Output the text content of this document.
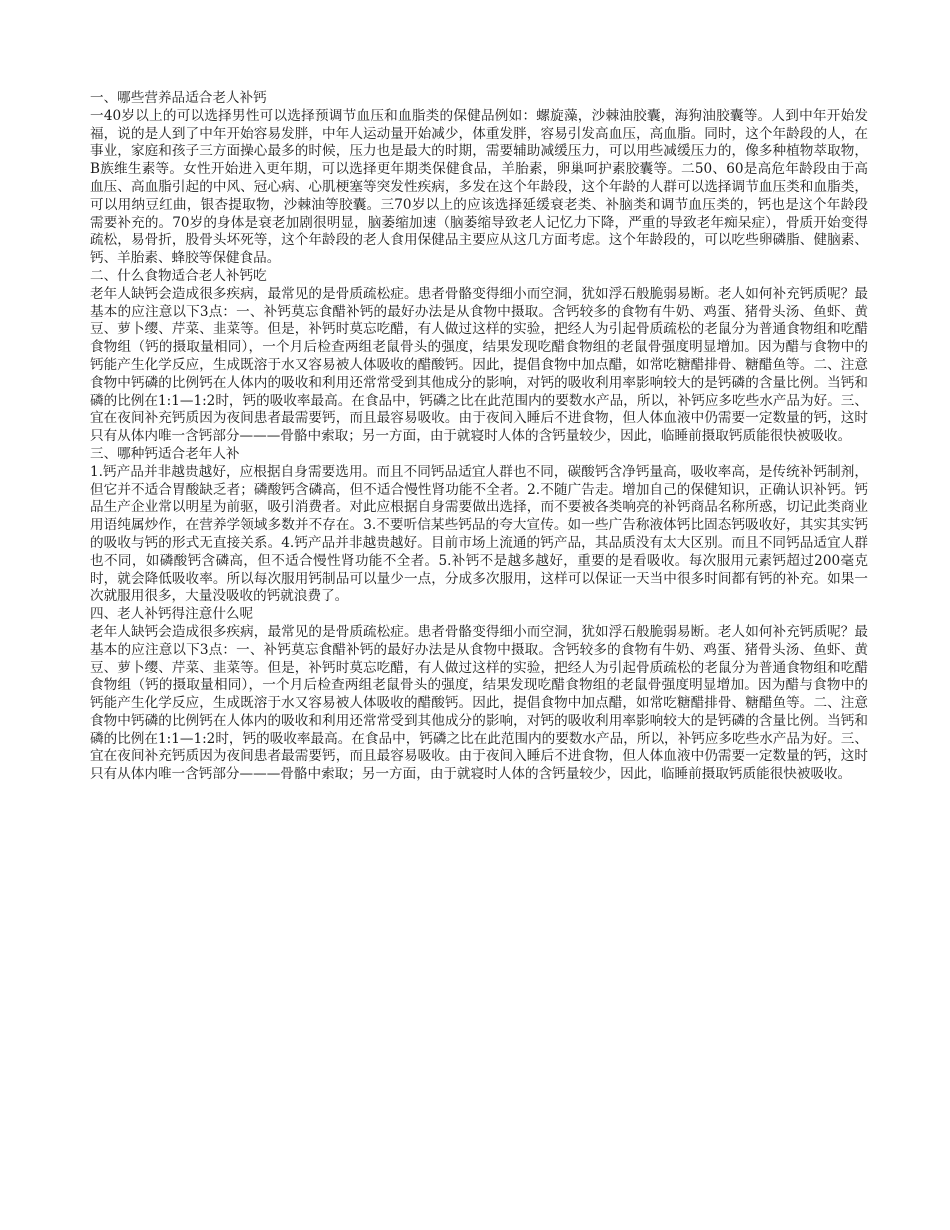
一、哪些营养品适合老人补钙

一40岁以上的可以选择男性可以选择预调节血压和血脂类的保健品例如：螺旋藻，沙棘油胶囊，海狗油胶囊等。人到中年开始发福，说的是人到了中年开始容易发胖，中年人运动量开始减少，体重发胖，容易引发高血压，高血脂。同时，这个年龄段的人，在事业，家庭和孩子三方面操心最多的时候，压力也是最大的时期，需要辅助减缓压力，可以用些减缓压力的，像多种植物萃取物，B族维生素等。女性开始进入更年期，可以选择更年期类保健食品，羊胎素，卵巢呵护素胶囊等。二50、60是高危年龄段由于高血压、高血脂引起的中风、冠心病、心肌梗塞等突发性疾病，多发在这个年龄段，这个年龄的人群可以选择调节血压类和血脂类，可以用纳豆红曲，银杏提取物，沙棘油等胶囊。三70岁以上的应该选择延缓衰老类、补脑类和调节血压类的，钙也是这个年龄段需要补充的。70岁的身体是衰老加剧很明显，脑萎缩加速（脑萎缩导致老人记忆力下降，严重的导致老年痴呆症），骨质开始变得疏松，易骨折，股骨头坏死等，这个年龄段的老人食用保健品主要应从这几方面考虑。这个年龄段的，可以吃些卵磷脂、健脑素、钙、羊胎素、蜂胶等保健食品。

二、什么食物适合老人补钙吃

老年人缺钙会造成很多疾病，最常见的是骨质疏松症。患者骨骼变得细小而空洞，犹如浮石般脆弱易断。老人如何补充钙质呢？最基本的应注意以下3点：一、补钙莫忘食醋补钙的最好办法是从食物中摄取。含钙较多的食物有牛奶、鸡蛋、猪骨头汤、鱼虾、黄豆、萝卜缨、芹菜、韭菜等。但是，补钙时莫忘吃醋，有人做过这样的实验，把经人为引起骨质疏松的老鼠分为普通食物组和吃醋食物组（钙的摄取量相同），一个月后检查两组老鼠骨头的强度，结果发现吃醋食物组的老鼠骨强度明显增加。因为醋与食物中的钙能产生化学反应，生成既溶于水又容易被人体吸收的醋酸钙。因此，提倡食物中加点醋，如常吃糖醋排骨、糖醋鱼等。二、注意食物中钙磷的比例钙在人体内的吸收和利用还常常受到其他成分的影响，对钙的吸收利用率影响较大的是钙磷的含量比例。当钙和磷的比例在1:1—1:2时，钙的吸收率最高。在食品中，钙磷之比在此范围内的要数水产品，所以，补钙应多吃些水产品为好。三、宜在夜间补充钙质因为夜间患者最需要钙，而且最容易吸收。由于夜间入睡后不进食物，但人体血液中仍需要一定数量的钙，这时只有从体内唯一含钙部分———骨骼中索取；另一方面，由于就寝时人体的含钙量较少，因此，临睡前摄取钙质能很快被吸收。

三、哪种钙适合老年人补

1.钙产品并非越贵越好，应根据自身需要选用。而且不同钙品适宜人群也不同，碳酸钙含净钙量高，吸收率高，是传统补钙制剂，但它并不适合胃酸缺乏者；磷酸钙含磷高，但不适合慢性肾功能不全者。2.不随广告走。增加自己的保健知识，正确认识补钙。钙品生产企业常以明星为前驱，吸引消费者。对此应根据自身需要做出选择，而不要被各类响亮的补钙商品名称所惑，切记此类商业用语纯属炒作，在营养学领域多数并不存在。3.不要听信某些钙品的夸大宣传。如一些广告称液体钙比固态钙吸收好，其实其实钙的吸收与钙的形式无直接关系。4.钙产品并非越贵越好。目前市场上流通的钙产品，其品质没有太大区别。而且不同钙品适宜人群也不同，如磷酸钙含磷高，但不适合慢性肾功能不全者。5.补钙不是越多越好，重要的是看吸收。每次服用元素钙超过200毫克时，就会降低吸收率。所以每次服用钙制品可以量少一点，分成多次服用，这样可以保证一天当中很多时间都有钙的补充。如果一次就服用很多，大量没吸收的钙就浪费了。

四、老人补钙得注意什么呢

老年人缺钙会造成很多疾病，最常见的是骨质疏松症。患者骨骼变得细小而空洞，犹如浮石般脆弱易断。老人如何补充钙质呢？最基本的应注意以下3点：一、补钙莫忘食醋补钙的最好办法是从食物中摄取。含钙较多的食物有牛奶、鸡蛋、猪骨头汤、鱼虾、黄豆、萝卜缨、芹菜、韭菜等。但是，补钙时莫忘吃醋，有人做过这样的实验，把经人为引起骨质疏松的老鼠分为普通食物组和吃醋食物组（钙的摄取量相同），一个月后检查两组老鼠骨头的强度，结果发现吃醋食物组的老鼠骨强度明显增加。因为醋与食物中的钙能产生化学反应，生成既溶于水又容易被人体吸收的醋酸钙。因此，提倡食物中加点醋，如常吃糖醋排骨、糖醋鱼等。二、注意食物中钙磷的比例钙在人体内的吸收和利用还常常受到其他成分的影响，对钙的吸收利用率影响较大的是钙磷的含量比例。当钙和磷的比例在1:1—1:2时，钙的吸收率最高。在食品中，钙磷之比在此范围内的要数水产品，所以，补钙应多吃些水产品为好。三、宜在夜间补充钙质因为夜间患者最需要钙，而且最容易吸收。由于夜间入睡后不进食物，但人体血液中仍需要一定数量的钙，这时只有从体内唯一含钙部分———骨骼中索取；另一方面，由于就寝时人体的含钙量较少，因此，临睡前摄取钙质能很快被吸收。
